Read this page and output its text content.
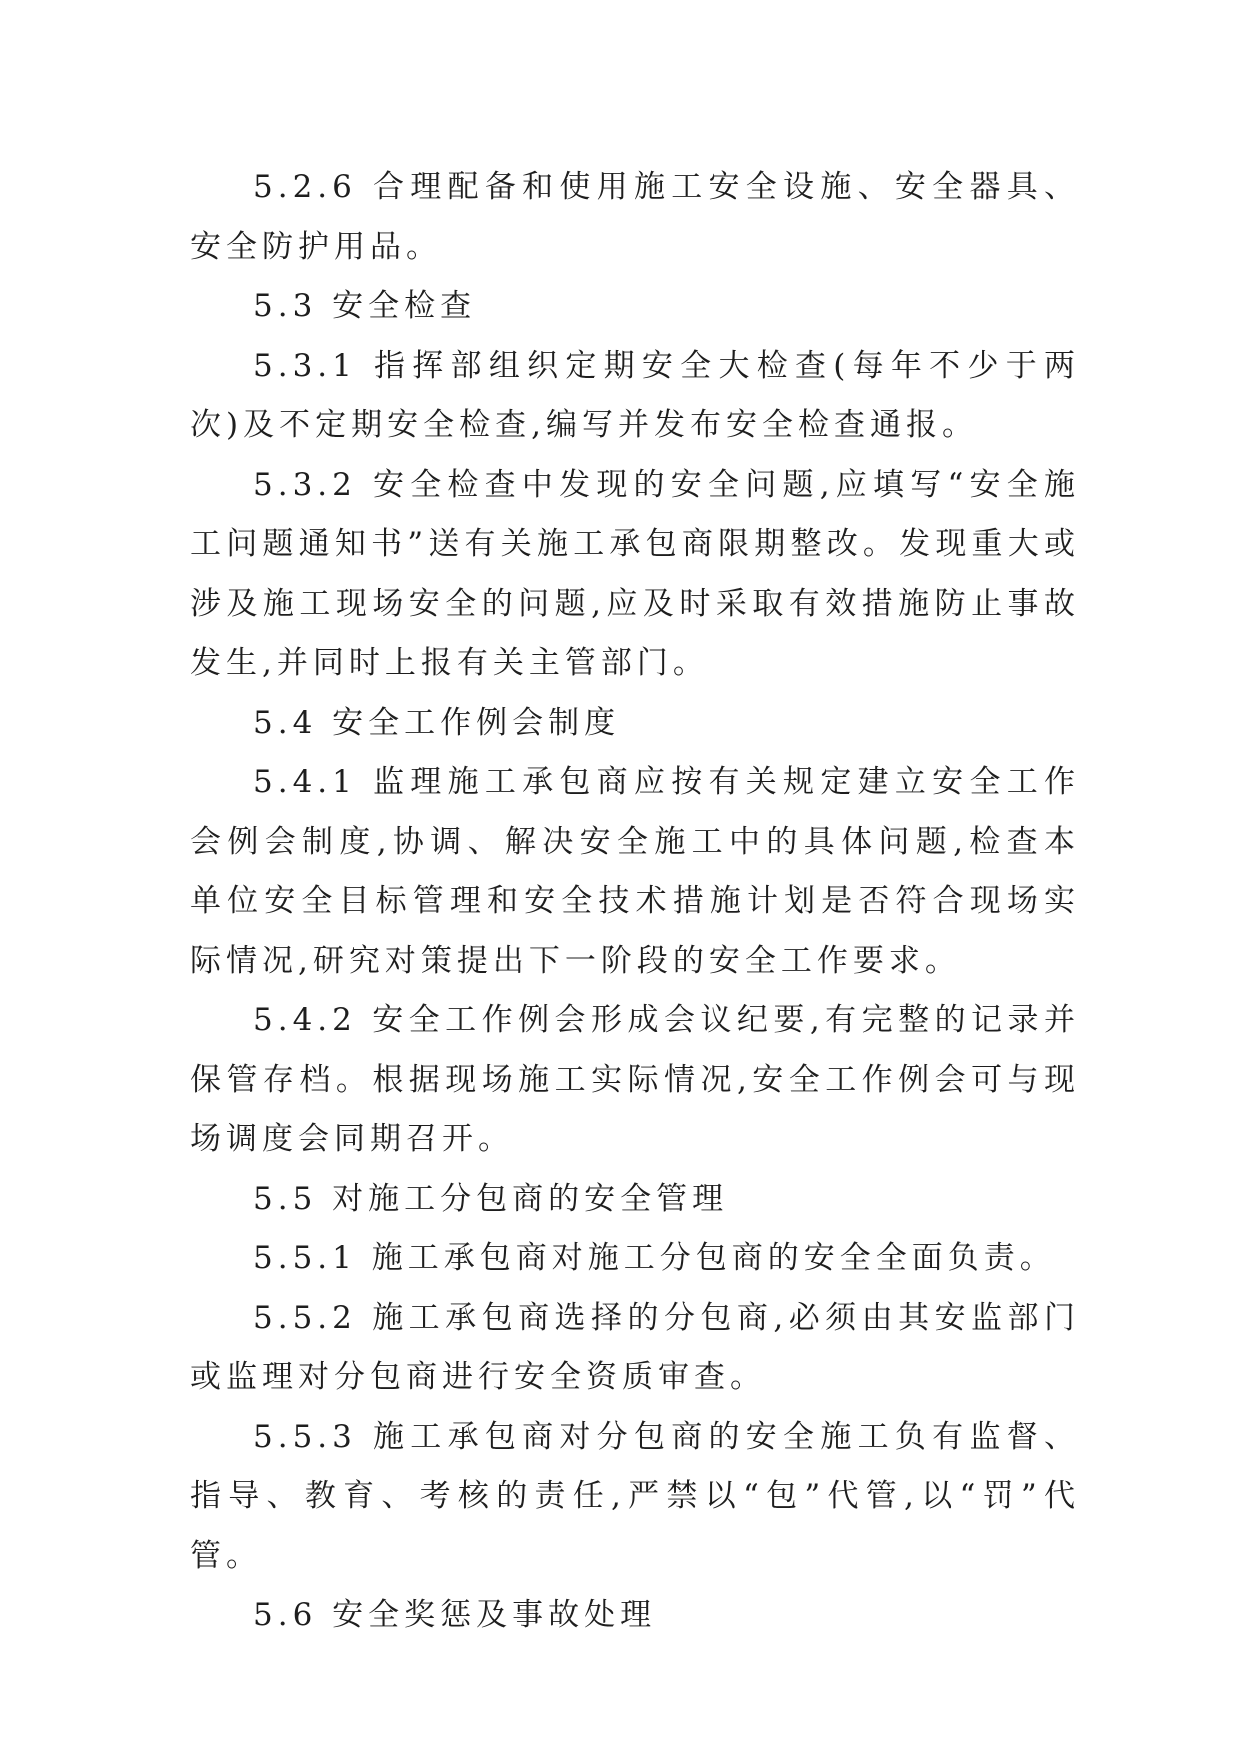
5.2.6 合理配备和使用施工安全设施、安全器具、安全防护用品。

5.3 安全检查

5.3.1 指挥部组织定期安全大检查(每年不少于两次)及不定期安全检查,编写并发布安全检查通报。

5.3.2 安全检查中发现的安全问题,应填写“安全施工问题通知书”送有关施工承包商限期整改。发现重大或涉及施工现场安全的问题,应及时采取有效措施防止事故发生,并同时上报有关主管部门。

5.4 安全工作例会制度

5.4.1 监理施工承包商应按有关规定建立安全工作会例会制度,协调、解决安全施工中的具体问题,检查本单位安全目标管理和安全技术措施计划是否符合现场实际情况,研究对策提出下一阶段的安全工作要求。

5.4.2 安全工作例会形成会议纪要,有完整的记录并保管存档。根据现场施工实际情况,安全工作例会可与现场调度会同期召开。

5.5 对施工分包商的安全管理

5.5.1 施工承包商对施工分包商的安全全面负责。

5.5.2 施工承包商选择的分包商,必须由其安监部门或监理对分包商进行安全资质审查。

5.5.3 施工承包商对分包商的安全施工负有监督、指导、教育、考核的责任,严禁以“包”代管,以“罚”代管。

5.6 安全奖惩及事故处理
